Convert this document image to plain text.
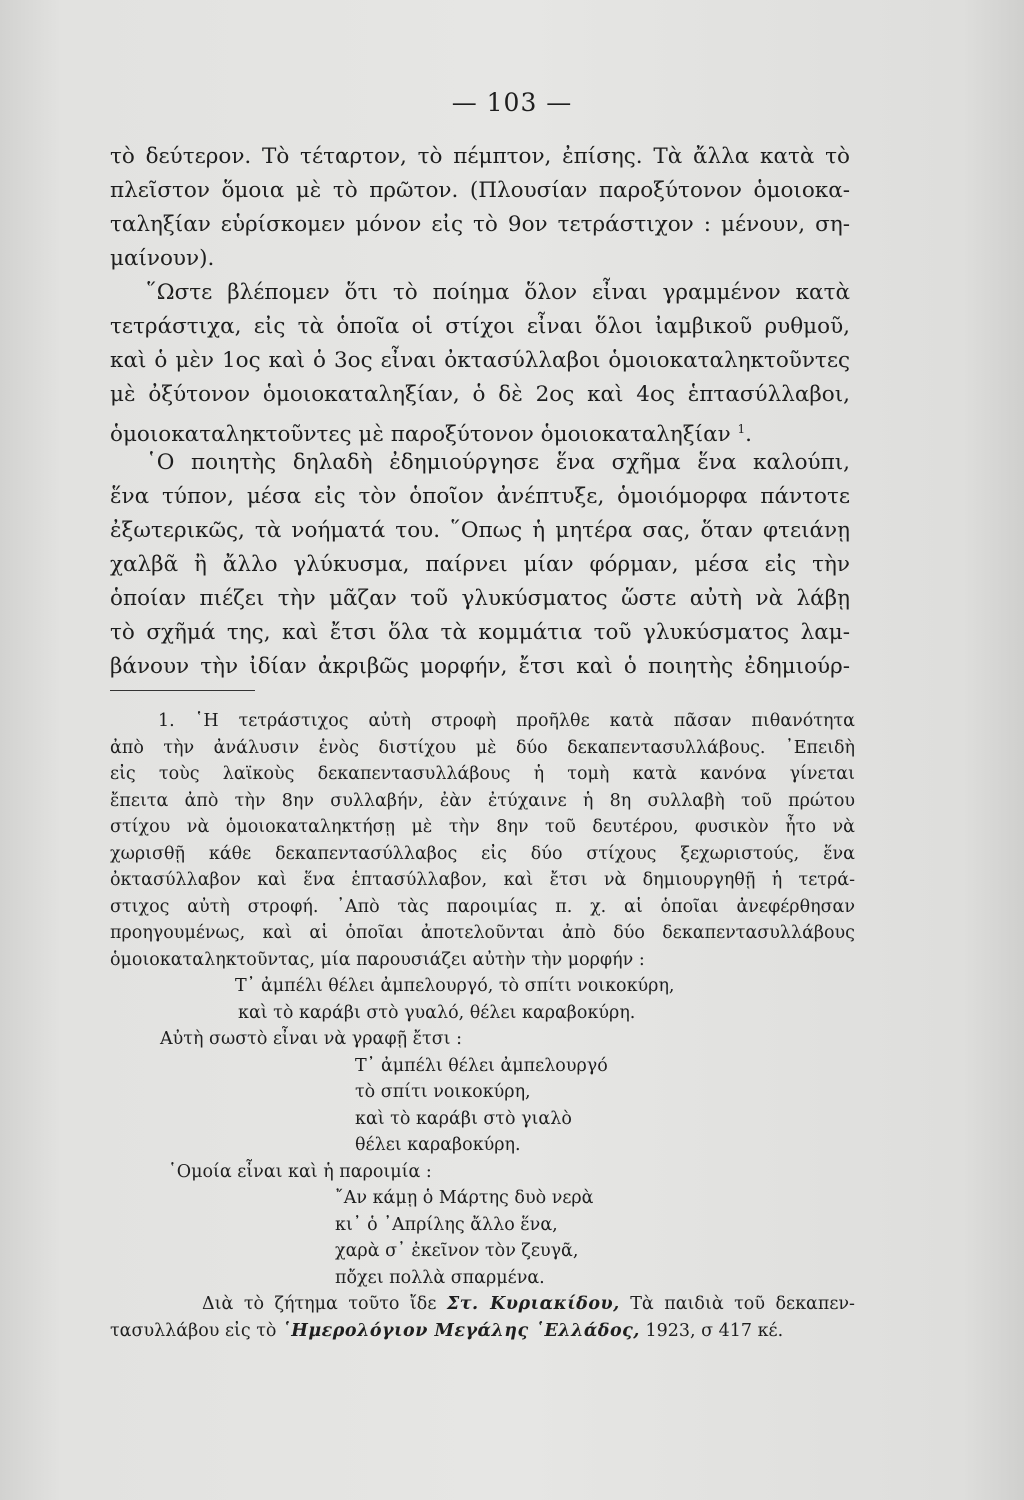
— 103 —
τὸ δεύτερον. Τὸ τέταρτον, τὸ πέμπτον, ἐπίσης. Τὰ ἄλλα κατὰ τὸ
πλεῖστον ὅμοια μὲ τὸ πρῶτον. (Πλουσίαν παροξύτονον ὁμοιοκα-
ταληξίαν εὑρίσκομεν μόνον εἰς τὸ 9ον τετράστιχον : μένουν, ση-
μαίνουν).
῞Ωστε βλέπομεν ὅτι τὸ ποίημα ὅλον εἶναι γραμμένον κατὰ
τετράστιχα, εἰς τὰ ὁποῖα οἱ στίχοι εἶναι ὅλοι ἰαμβικοῦ ρυθμοῦ,
καὶ ὁ μὲν 1ος καὶ ὁ 3ος εἶναι ὀκτασύλλαβοι ὁμοιοκαταληκτοῦντες
μὲ ὀξύτονον ὁμοιοκαταληξίαν, ὁ δὲ 2ος καὶ 4ος ἑπτασύλλαβοι,
ὁμοιοκαταληκτοῦντες μὲ παροξύτονον ὁμοιοκαταληξίαν $^1$.
῾Ο ποιητὴς δηλαδὴ ἐδημιούργησε ἕνα σχῆμα ἕνα καλούπι,
ἕνα τύπον, μέσα εἰς τὸν ὁποῖον ἀνέπτυξε, ὁμοιόμορφα πάντοτε
ἐξωτερικῶς, τὰ νοήματά του. ῞Οπως ἡ μητέρα σας, ὅταν φτειάνῃ
χαλβᾶ ἢ ἄλλο γλύκυσμα, παίρνει μίαν φόρμαν, μέσα εἰς τὴν
ὁποίαν πιέζει τὴν μᾶζαν τοῦ γλυκύσματος ὥστε αὐτὴ νὰ λάβῃ
τὸ σχῆμά της, καὶ ἔτσι ὅλα τὰ κομμάτια τοῦ γλυκύσματος λαμ-
βάνουν τὴν ἰδίαν ἀκριβῶς μορφήν, ἔτσι καὶ ὁ ποιητὴς ἐδημιούρ-
1. ῾Η τετράστιχος αὐτὴ στροφὴ προῆλθε κατὰ πᾶσαν πιθανότητα
ἀπὸ τὴν ἀνάλυσιν ἑνὸς διστίχου μὲ δύο δεκαπεντασυλλάβους. ᾿Επειδὴ
εἰς τοὺς λαϊκοὺς δεκαπεντασυλλάβους ἡ τομὴ κατὰ κανόνα γίνεται
ἔπειτα ἀπὸ τὴν 8ην συλλαβήν, ἐὰν ἐτύχαινε ἡ 8η συλλαβὴ τοῦ πρώτου
στίχου νὰ ὁμοιοκαταληκτήσῃ μὲ τὴν 8ην τοῦ δευτέρου, φυσικὸν ἦτο νὰ
χωρισθῇ κάθε δεκαπεντασύλλαβος εἰς δύο στίχους ξεχωριστούς, ἕνα
ὀκτασύλλαβον καὶ ἕνα ἑπτασύλλαβον, καὶ ἔτσι νὰ δημιουργηθῇ ἡ τετρά-
στιχος αὐτὴ στροφή. ᾿Απὸ τὰς παροιμίας π. χ. αἱ ὁποῖαι ἀνεφέρθησαν
προηγουμένως, καὶ αἱ ὁποῖαι ἀποτελοῦνται ἀπὸ δύο δεκαπεντασυλλάβους
ὁμοιοκαταληκτοῦντας, μία παρουσιάζει αὐτὴν τὴν μορφήν :
Τ᾿ ἀμπέλι θέλει ἀμπελουργό, τὸ σπίτι νοικοκύρη,
καὶ τὸ καράβι στὸ γυαλό, θέλει καραβοκύρη.
Αὐτὴ σωστὸ εἶναι νὰ γραφῇ ἔτσι :
Τ᾿ ἀμπέλι θέλει ἀμπελουργό
τὸ σπίτι νοικοκύρη,
καὶ τὸ καράβι στὸ γιαλὸ
θέλει καραβοκύρη.
῾Ομοία εἶναι καὶ ἡ παροιμία :
῎Αν κάμῃ ὁ Μάρτης δυὸ νερὰ
κι᾿ ὁ ᾿Απρίλης ἄλλο ἕνα,
χαρὰ σ᾿ ἐκεῖνον τὸν ζευγᾶ,
πὄχει πολλὰ σπαρμένα.
Διὰ τὸ ζήτημα τοῦτο ἴδε Στ. Κυριακίδου, Τὰ παιδιὰ τοῦ δεκαπεν-
τασυλλάβου εἰς τὸ ῾Ημερολόγιον Μεγάλης ῾Ελλάδος, 1923, σ 417 κέ.
